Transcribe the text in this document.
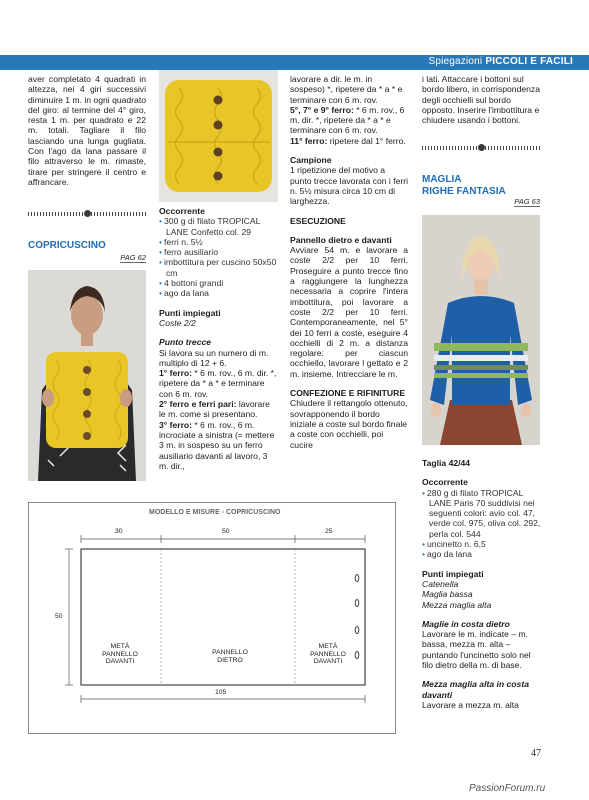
Spiegazioni PICCOLI E FACILI
aver completato 4 quadrati in altezza, nei 4 giri successivi diminuire 1 m. in ogni quadrato del giro: al termine del 4° giro, resta 1 m. per quadrato e 22 m. totali. Tagliare il filo lasciando una lunga gugliata. Con l'ago da lana passare il filo attraverso le m. rimaste, tirare per stringere il centro e affrancare.
COPRICUSCINO
PAG 62
Occorrente
• 300 g di filato TROPICAL LANE Confetto col. 29
• ferri n. 5½
• ferro ausiliario
• imbottitura per cuscino 50x50 cm
• 4 bottoni grandi
• ago da lana
Punti impiegati
Coste 2/2
Punto trecce
Si lavora su un numero di m. multiplo di 12 + 6.
1° ferro: * 6 m. rov., 6 m. dir. *, ripetere da * a * e terminare con 6 m. rov.
2° ferro e ferri pari: lavorare le m. come si presentano.
3° ferro: * 6 m. rov., 6 m. incrociate a sinistra (= mettere 3 m. in sospeso su un ferro ausiliario davanti al lavoro, 3 m. dir.,
lavorare a dir. le m. in sospeso) *, ripetere da * a * e terminare con 6 m. rov.
5°, 7° e 9° ferro: * 6 m. rov., 6 m. dir. *, ripetere da * a * e terminare con 6 m. rov.
11° ferro: ripetere dal 1° ferro.
Campione
1 ripetizione del motivo a punto trecce lavorata con i ferri n. 5½ misura circa 10 cm di larghezza.
ESECUZIONE
Pannello dietro e davanti
Avviare 54 m. e lavorare a coste 2/2 per 10 ferri. Proseguire a punto trecce fino a raggiungere la lunghezza necessaria a coprire l'intera imbottitura, poi lavorare a coste 2/2 per 10 ferri. Contemporaneamente, nel 5° dei 10 ferri a coste, eseguire 4 occhielli di 2 m. a distanza regolare: per ciascun occhiello, lavorare l gettato e 2 m. insieme. Intrecciare le m.
CONFEZIONE E RIFINITURE
Chiudere il rettangolo ottenuto, sovrapponendo il bordo iniziale a coste sul bordo finale a coste con occhielli, poi cucire
i lati. Attaccare i bottoni sul bordo libero, in corrispondenza degli occhielli sul bordo opposto. Inserire l'imbottitura e chiudere usando i bottoni.
MAGLIA
RIGHE FANTASIA
PAG 63
Taglia 42/44
Occorrente
• 280 g di filato TROPICAL LANE Paris 70 suddivisi nei seguenti colori: avio col. 47, verde col. 975, oliva col. 292, perla col. 544
• uncinetto n. 6,5
• ago da lana
Punti impiegati
Catenella
Maglia bassa
Mezza maglia alta
Maglie in costa dietro
Lavorare le m. indicate – m. bassa, mezza m. alta – puntando l'uncinetto solo nel filo dietro della m. di base.
Mezza maglia alta in costa davanti
Lavorare a mezza m. alta
MODELLO E MISURE - COPRICUSCINO
30	50	25
50
105
METÀ
PANNELLO
DAVANTI
PANNELLO
DIETRO
METÀ
PANNELLO
DAVANTI
47
PassionForum.ru
